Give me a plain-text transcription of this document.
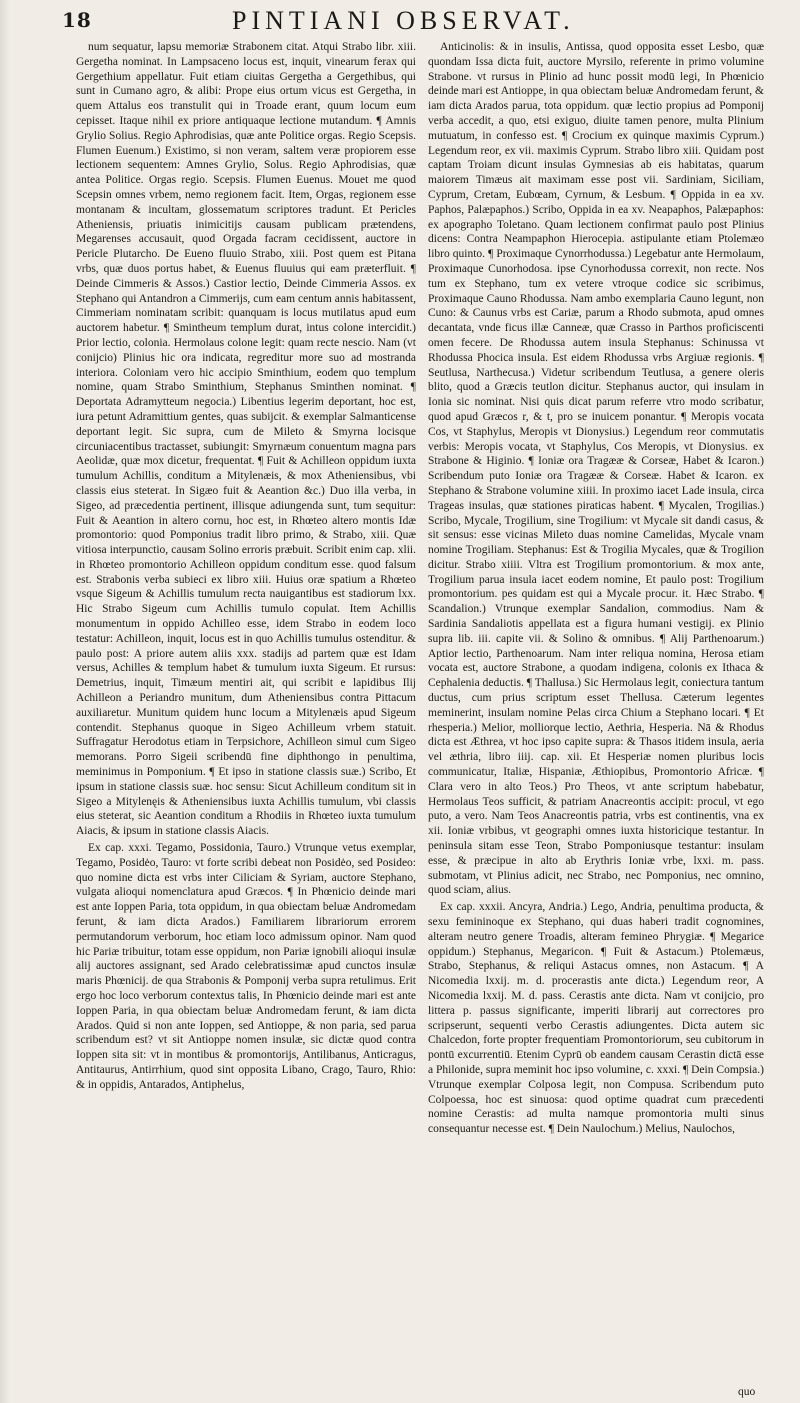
18	PINTIANI OBSERVAT.

num sequatur, lapsu memoriæ Strabonem citat. Atqui Strabo libr. xiii. Gergetha nominat. In Lampsaceno locus est, inquit, vinearum ferax qui Gergethium appellatur. Fuit etiam ciuitas Gergetha a Gergethibus, qui sunt in Cumano agro, & alibi: Prope eius ortum vicus est Gergetha, in quem Attalus eos transtulit qui in Troade erant, quum locum eum cepisset. Itaque nihil ex priore antiquaque lectione mutandum. ¶ Amnis Grylio Solius. Regio Aphrodisias, quæ ante Politice orgas. Regio Scepsis. Flumen Euenum.) Existimo, si non veram, saltem veræ propiorem esse lectionem sequentem: Amnes Grylio, Solus. Regio Aphrodisias, quæ antea Politice. Orgas regio. Scepsis. Flumen Euenus. Mouet me quod Scepsin omnes vrbem, nemo regionem facit. Item, Orgas, regionem esse montanam & incultam, glossematum scriptores tradunt. Et Pericles Atheniensis, priuatis inimicitijs causam publicam prætendens, Megarenses accusauit, quod Orgada facram cecidissent, auctore in Pericle Plutarcho. De Eueno fluuio Strabo, xiii. Post quem est Pitana vrbs, quæ duos portus habet, & Euenus fluuius qui eam præterfluit. ¶ Deinde Cimmeris & Assos.) Castior lectio, Deinde Cimmeria Assos. ex Stephano qui Antandron a Cimmerijs, cum eam centum annis habitassent, Cimmeriam nominatam scribit: quanquam is locus mutilatus apud eum auctorem habetur. ¶ Smintheum templum durat, intus colone intercidit.) Prior lectio, colonia. Hermolaus colone legit: quam recte nescio. Nam (vt conijcio) Plinius hic ora indicata, regreditur more suo ad mostranda interiora. Coloniam vero hic accipio Sminthium, eodem quo templum nomine, quam Strabo Sminthium, Stephanus Sminthen nominat. ¶ Deportata Adramytteum negocia.) Libentius legerim deportant, hoc est, iura petunt Adramittium gentes, quas subijcit. & exemplar Salmanticense deportant legit. Sic supra, cum de Mileto & Smyrna locisque circuniacentibus tractasset, subiungit: Smyrnæum conuentum magna pars Aeolidæ, quæ mox dicetur, frequentat. ¶ Fuit & Achilleon oppidum iuxta tumulum Achillis, conditum a Mitylenæis, & mox Atheniensibus, vbi classis eius steterat. In Sigæo fuit & Aeantion &c.) Duo illa verba, in Sigeo, ad præcedentia pertinent, illisque adiungenda sunt, tum sequitur: Fuit & Aeantion in altero cornu, hoc est, in Rhœteo altero montis Idæ promontorio: quod Pomponius tradit libro primo, & Strabo, xiii. Quæ vitiosa interpunctio, causam Solino erroris præbuit. Scribit enim cap. xlii. in Rhœteo promontorio Achilleon oppidum conditum esse. quod falsum est. Strabonis verba subieci ex libro xiii. Huius oræ spatium a Rhœteo vsque Sigeum & Achillis tumulum recta nauigantibus est stadiorum lxx. Hic Strabo Sigeum cum Achillis tumulo copulat. Item Achillis monumentum in oppido Achilleo esse, idem Strabo in eodem loco testatur: Achilleon, inquit, locus est in quo Achillis tumulus ostenditur. & paulo post: A priore autem aliis xxx. stadijs ad partem quæ est Idam versus, Achilles & templum habet & tumulum iuxta Sigeum. Et rursus: Demetrius, inquit, Timæum mentiri ait, qui scribit e lapidibus Ilij Achilleon a Periandro munitum, dum Atheniensibus contra Pittacum auxiliaretur. Munitum quidem hunc locum a Mitylenæis apud Sigeum contendit. Stephanus quoque in Sigeo Achilleum vrbem statuit. Suffragatur Herodotus etiam in Terpsichore, Achilleon simul cum Sigeo memorans. Porro Sigeii scribendū fine diphthongo in penultima, meminimus in Pomponium. ¶ Et ipso in statione classis suæ.) Scribo, Et ipsum in statione classis suæ. hoc sensu: Sicut Achilleum conditum sit in Sigeo a Mitylenęis & Atheniensibus iuxta Achillis tumulum, vbi classis eius steterat, sic Aeantion conditum a Rhodiis in Rhœteo iuxta tumulum Aiacis, & ipsum in statione classis Aiacis.

Ex cap. xxxi. Tegamo, Possidonia, Tauro.) Vtrunque vetus exemplar, Tegamo, Posidėo, Tauro: vt forte scribi debeat non Posidėo, sed Posideo: quo nomine dicta est vrbs inter Ciliciam & Syriam, auctore Stephano, vulgata alioqui nomenclatura apud Græcos. ¶ In Phœnicio deinde mari est ante Ioppen Paria, tota oppidum, in qua obiectam beluæ Andromedam ferunt, & iam dicta Arados.) Familiarem librariorum errorem permutandorum verborum, hoc etiam loco admissum opinor. Nam quod hic Pariæ tribuitur, totam esse oppidum, non Pariæ ignobili alioqui insulæ alij auctores assignant, sed Arado celebratissimæ apud cunctos insulæ maris Phœnicij. de qua Strabonis & Pomponij verba supra retulimus. Erit ergo hoc loco verborum contextus talis, In Phœnicio deinde mari est ante Ioppen Paria, in qua obiectam beluæ Andromedam ferunt, & iam dicta Arados. Quid si non ante Ioppen, sed Antioppe, & non paria, sed parua scribendum est? vt sit Antioppe nomen insulæ, sic dictæ quod contra Ioppen sita sit: vt in montibus & promontorijs, Antilibanus, Anticragus, Antitaurus, Antirrhium, quod sint opposita Libano, Crago, Tauro, Rhio: & in oppidis, Antarados, Antiphelus,

Anticinolis: & in insulis, Antissa, quod opposita esset Lesbo, quæ quondam Issa dicta fuit, auctore Myrsilo, referente in primo volumine Strabone. vt rursus in Plinio ad hunc possit modū legi, In Phœnicio deinde mari est Antioppe, in qua obiectam beluæ Andromedam ferunt, & iam dicta Arados parua, tota oppidum. quæ lectio propius ad Pomponij verba accedit, a quo, etsi exiguo, diuite tamen penore, multa Plinium mutuatum, in confesso est. ¶ Crocium ex quinque maximis Cyprum.) Legendum reor, ex vii. maximis Cyprum. Strabo libro xiii. Quidam post captam Troiam dicunt insulas Gymnesias ab eis habitatas, quarum maiorem Timæus ait maximam esse post vii. Sardiniam, Siciliam, Cyprum, Cretam, Eubœam, Cyrnum, & Lesbum. ¶ Oppida in ea xv. Paphos, Palæpaphos.) Scribo, Oppida in ea xv. Neapaphos, Palæpaphos: ex apographo Toletano. Quam lectionem confirmat paulo post Plinius dicens: Contra Neampaphon Hierocepia. astipulante etiam Ptolemæo libro quinto. ¶ Proximaque Cynorrhodussa.) Legebatur ante Hermolaum, Proximaque Cunorhodosa. ipse Cynorhodussa correxit, non recte. Nos tum ex Stephano, tum ex vetere vtroque codice sic scribimus, Proximaque Cauno Rhodussa. Nam ambo exemplaria Cauno legunt, non Cuno: & Caunus vrbs est Cariæ, parum a Rhodo submota, apud omnes decantata, vnde ficus illæ Canneæ, quæ Crasso in Parthos proficiscenti omen fecere. De Rhodussa autem insula Stephanus: Schinussa vt Rhodussa Phocica insula. Est eidem Rhodussa vrbs Argiuæ regionis. ¶ Seutlusa, Narthecusa.) Videtur scribendum Teutlusa, a genere oleris blito, quod a Græcis teutlon dicitur. Stephanus auctor, qui insulam in Ionia sic nominat. Nisi quis dicat parum referre vtro modo scribatur, quod apud Græcos r, & t, pro se inuicem ponantur. ¶ Meropis vocata Cos, vt Staphylus, Meropis vt Dionysius.) Legendum reor commutatis verbis: Meropis vocata, vt Staphylus, Cos Meropis, vt Dionysius. ex Strabone & Higinio. ¶ Ioniæ ora Tragææ & Corseæ, Habet & Icaron.) Scribendum puto Ioniæ ora Tragææ & Corseæ. Habet & Icaron. ex Stephano & Strabone volumine xiiii. In proximo iacet Lade insula, circa Trageas insulas, quæ stationes piraticas habent. ¶ Mycalen, Trogilias.) Scribo, Mycale, Trogilium, sine Trogilium: vt Mycale sit dandi casus, & sit sensus: esse vicinas Mileto duas nomine Camelidas, Mycale vnam nomine Trogiliam. Stephanus: Est & Trogilia Mycales, quæ & Trogilion dicitur. Strabo xiiii. Vltra est Trogilium promontorium. & mox ante, Trogilium parua insula iacet eodem nomine, Et paulo post: Trogilium promontorium. pes quidam est qui a Mycale procur. it. Hæc Strabo. ¶ Scandalion.) Vtrunque exemplar Sandalion, commodius. Nam & Sardinia Sandaliotis appellata est a figura humani vestigij. ex Plinio supra lib. iii. capite vii. & Solino & omnibus. ¶ Alij Parthenoarum.) Aptior lectio, Parthenoarum. Nam inter reliqua nomina, Herosa etiam vocata est, auctore Strabone, a quodam indigena, colonis ex Ithaca & Cephalenia deductis. ¶ Thallusa.) Sic Hermolaus legit, coniectura tantum ductus, cum prius scriptum esset Thellusa. Cæterum legentes meminerint, insulam nomine Pelas circa Chium a Stephano locari. ¶ Et rhesperia.) Melior, molliorque lectio, Aethria, Hesperia. Nā & Rhodus dicta est Æthrea, vt hoc ipso capite supra: & Thasos itidem insula, aeria vel æthria, libro iiij. cap. xii. Et Hesperiæ nomen pluribus locis communicatur, Italiæ, Hispaniæ, Æthiopibus, Promontorio Africæ. ¶ Clara vero in alto Teos.) Pro Theos, vt ante scriptum habebatur, Hermolaus Teos sufficit, & patriam Anacreontis accipit: procul, vt ego puto, a vero. Nam Teos Anacreontis patria, vrbs est continentis, vna ex xii. Ioniæ vrbibus, vt geographi omnes iuxta historicique testantur. In peninsula sitam esse Teon, Strabo Pomponiusque testantur: insulam esse, & præcipue in alto ab Erythris Ioniæ vrbe, lxxi. m. pass. submotam, vt Plinius adicit, nec Strabo, nec Pomponius, nec omnino, quod sciam, alius.

Ex cap. xxxii. Ancyra, Andria.) Lego, Andria, penultima producta, & sexu femininoque ex Stephano, qui duas haberi tradit cognomines, alteram neutro genere Troadis, alteram femineo Phrygiæ. ¶ Megarice oppidum.) Stephanus, Megaricon. ¶ Fuit & Astacum.) Ptolemæus, Strabo, Stephanus, & reliqui Astacus omnes, non Astacum. ¶ A Nicomedia lxxij. m. d. procerastis ante dicta.) Legendum reor, A Nicomedia lxxij. M. d. pass. Cerastis ante dicta. Nam vt conijcio, pro littera p. passus significante, imperiti librarij aut correctores pro scripserunt, sequenti verbo Cerastis adiungentes. Dicta autem sic Chalcedon, forte propter frequentiam Promontoriorum, seu cubitorum in pontū excurrentiū. Etenim Cyprū ob eandem causam Cerastin dictā esse a Philonide, supra meminit hoc ipso volumine, c. xxxi. ¶ Dein Compsia.) Vtrunque exemplar Colposa legit, non Compusa. Scribendum puto Colpoessa, hoc est sinuosa: quod optime quadrat cum præcedenti nomine Cerastis: ad multa namque promontoria multi sinus consequantur necesse est. ¶ Dein Naulochum.) Melius, Naulochos,

quo
